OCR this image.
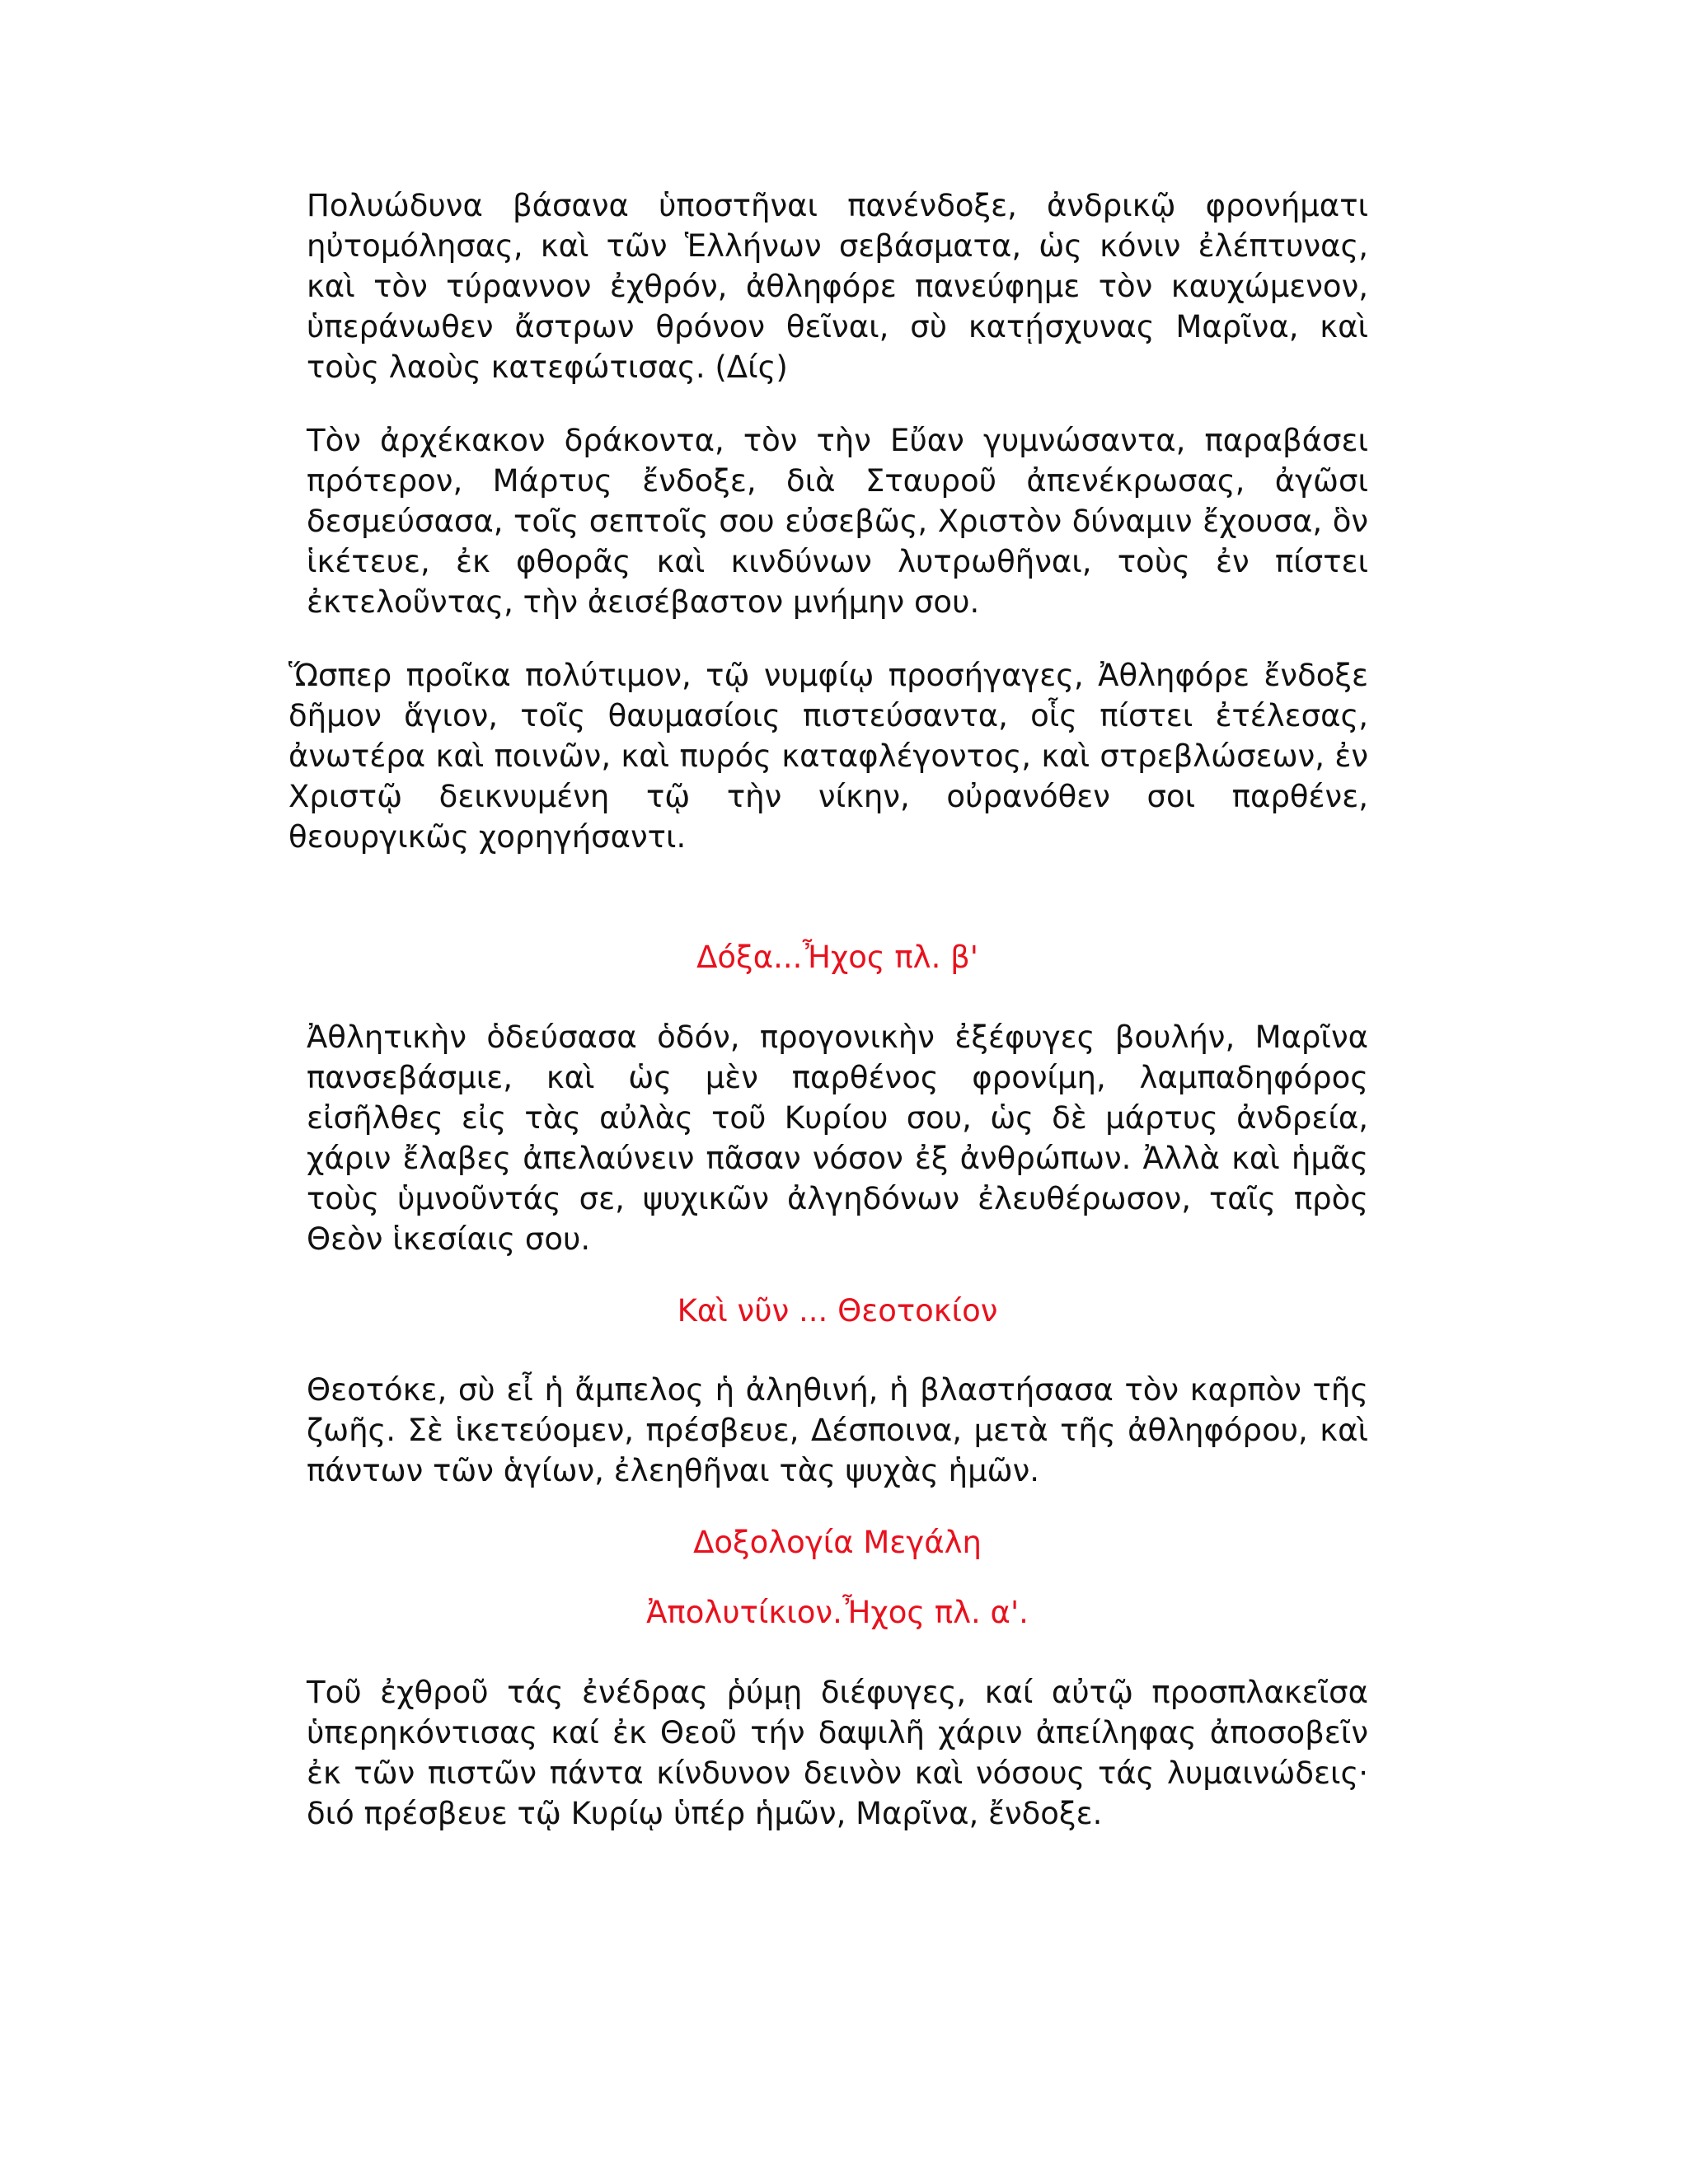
Πολυώδυνα βάσανα ὑποστῆναι πανένδοξε, ἀνδρικῷ φρονήματι ηὐτομόλησας, καὶ τῶν Ἑλλήνων σεβάσματα, ὡς κόνιν ἐλέπτυνας, καὶ τὸν τύραννον ἐχθρόν, ἀθληφόρε πανεύφημε τὸν καυχώμενον, ὑπεράνωθεν ἄστρων θρόνον θεῖναι, σὺ κατῄσχυνας Μαρῖνα, καὶ τοὺς λαοὺς κατεφώτισας. (Δίς)

Τὸν ἀρχέκακον δράκοντα, τὸν τὴν Εὔαν γυμνώσαντα, παραβάσει πρότερον, Μάρτυς ἔνδοξε, διὰ Σταυροῦ ἀπενέκρωσας, ἀγῶσι δεσμεύσασα, τοῖς σεπτοῖς σου εὐσεβῶς, Χριστὸν δύναμιν ἔχουσα, ὃν ἱκέτευε, ἐκ φθορᾶς καὶ κινδύνων λυτρωθῆναι, τοὺς ἐν πίστει ἐκτελοῦντας, τὴν ἀεισέβαστον μνήμην σου.

Ὥσπερ προῖκα πολύτιμον, τῷ νυμφίῳ προσήγαγες, Ἀθληφόρε ἔνδοξε δῆμον ἅγιον, τοῖς θαυμασίοις πιστεύσαντα, οἷς πίστει ἐτέλεσας, ἀνωτέρα καὶ ποινῶν, καὶ πυρός καταφλέγοντος, καὶ στρεβλώσεων, ἐν Χριστῷ δεικνυμένη τῷ τὴν νίκην, οὐρανόθεν σοι παρθένε, θεουργικῶς χορηγήσαντι.

Δόξα...Ἦχος πλ. β'

Ἀθλητικὴν ὁδεύσασα ὁδόν, προγονικὴν ἐξέφυγες βουλήν, Μαρῖνα πανσεβάσμιε, καὶ ὡς μὲν παρθένος φρονίμη, λαμπαδηφόρος εἰσῆλθες εἰς τὰς αὐλὰς τοῦ Κυρίου σου, ὡς δὲ μάρτυς ἀνδρεία, χάριν ἔλαβες ἀπελαύνειν πᾶσαν νόσον ἐξ ἀνθρώπων. Ἀλλὰ καὶ ἡμᾶς τοὺς ὑμνοῦντάς σε, ψυχικῶν ἀλγηδόνων ἐλευθέρωσον, ταῖς πρὸς Θεὸν ἱκεσίαις σου.

Καὶ νῦν ... Θεοτοκίον

Θεοτόκε, σὺ εἶ ἡ ἄμπελος ἡ ἀληθινή, ἡ βλαστήσασα τὸν καρπὸν τῆς ζωῆς. Σὲ ἱκετεύομεν, πρέσβευε, Δέσποινα, μετὰ τῆς ἀθληφόρου, καὶ πάντων τῶν ἁγίων, ἐλεηθῆναι τὰς ψυχὰς ἡμῶν.

Δοξολογία Μεγάλη

Ἀπολυτίκιον.Ἦχος πλ. α'.

Τοῦ ἐχθροῦ τάς ἐνέδρας ῥύμῃ διέφυγες, καί αὐτῷ προσπλακεῖσα ὑπερηκόντισας καί ἐκ Θεοῦ τήν δαψιλῆ χάριν ἀπείληφας ἀποσοβεῖν ἐκ τῶν πιστῶν πάντα κίνδυνον δεινὸν καὶ νόσους τάς λυμαινώδεις· διό πρέσβευε τῷ Κυρίῳ ὑπέρ ἡμῶν, Μαρῖνα, ἔνδοξε.
